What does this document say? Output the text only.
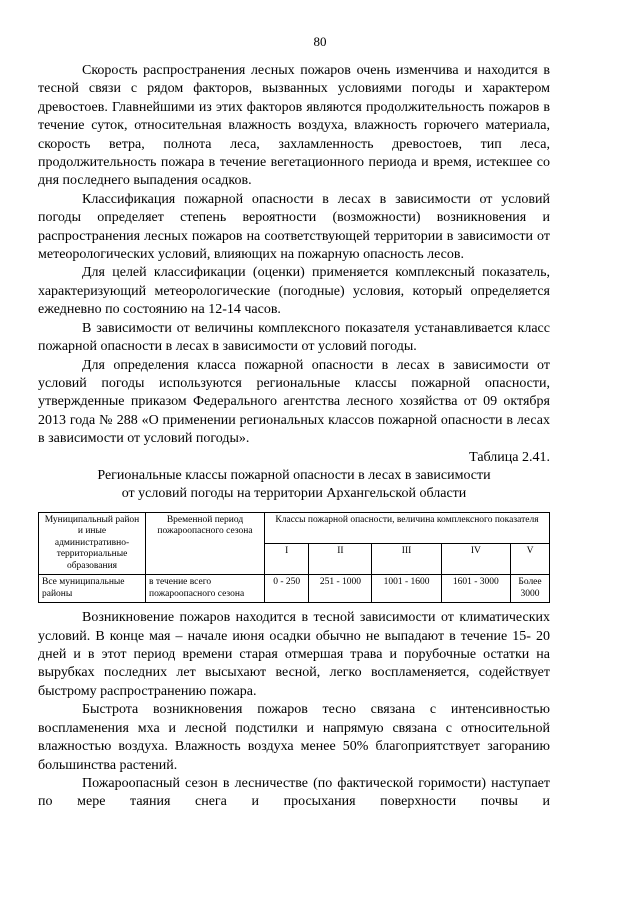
80

Скорость распространения лесных пожаров очень изменчива и находится в тесной связи с рядом факторов, вызванных условиями погоды и характером древостоев. Главнейшими из этих факторов являются продолжительность пожаров в течение суток, относительная влажность воздуха, влажность горючего материала, скорость ветра, полнота леса, захламленность древостоев, тип леса, продолжительность пожара в течение вегетационного периода и время, истекшее со дня последнего выпадения осадков.

Классификация пожарной опасности в лесах в зависимости от условий погоды определяет степень вероятности (возможности) возникновения и распространения лесных пожаров на соответствующей территории в зависимости от метеорологических условий, влияющих на пожарную опасность лесов.

Для целей классификации (оценки) применяется комплексный показатель, характеризующий метеорологические (погодные) условия, который определяется ежедневно по состоянию на 12-14 часов.

В зависимости от величины комплексного показателя устанавливается класс пожарной опасности в лесах в зависимости от условий погоды.

Для определения класса пожарной опасности в лесах в зависимости от условий погоды используются региональные классы пожарной опасности, утвержденные приказом Федерального агентства лесного хозяйства от 09 октября 2013 года № 288 «О применении региональных классов пожарной опасности в лесах в зависимости от условий погоды».

Таблица 2.41.
Региональные классы пожарной опасности в лесах в зависимости
от условий погоды на территории Архангельской области
Муниципальный район и иные административно-территориальные образования	Временной период пожароопасного сезона	Классы пожарной опасности, величина комплексного показателя				
		I	II	III	IV	V
Все муниципальные районы	в течение всего пожароопасного сезона	0 - 250	251 - 1000	1001 - 1600	1601 - 3000	Более 3000

Возникновение пожаров находится в тесной зависимости от климатических условий. В конце мая – начале июня осадки обычно не выпадают в течение 15- 20 дней и в этот период времени старая отмершая трава и порубочные остатки на вырубках последних лет высыхают весной, легко воспламеняется, содействует быстрому распространению пожара.

Быстрота возникновения пожаров тесно связана с интенсивностью воспламенения мха и лесной подстилки и напрямую связана с относительной влажностью воздуха. Влажность воздуха менее 50% благоприятствует загоранию большинства растений.

Пожароопасный сезон в лесничестве (по фактической горимости) наступает по мере таяния снега и просыхания поверхности почвы и
